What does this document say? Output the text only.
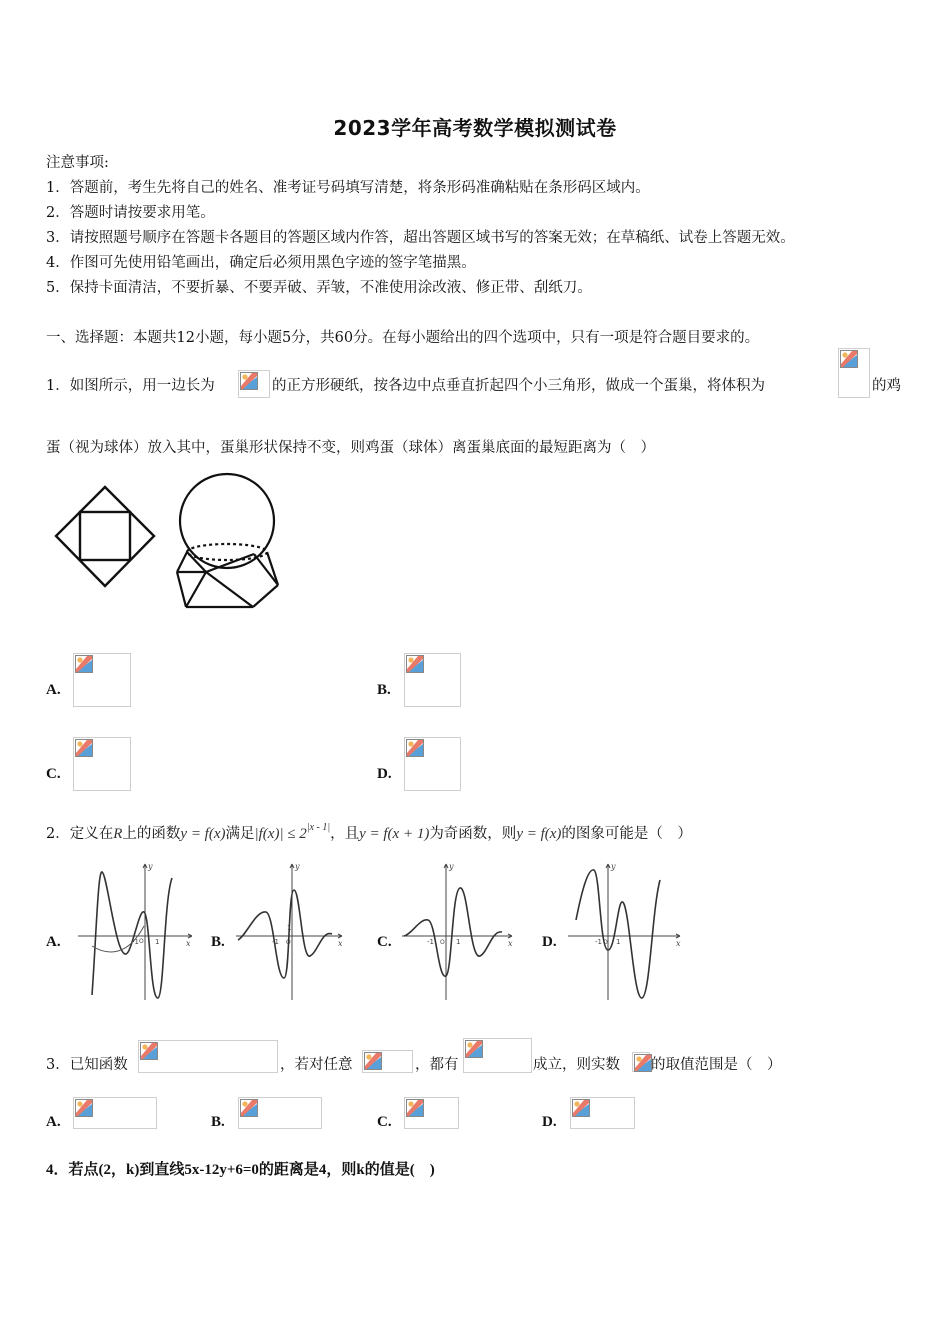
2023学年高考数学模拟测试卷
注意事项:
1．答题前，考生先将自己的姓名、准考证号码填写清楚，将条形码准确粘贴在条形码区域内。
2．答题时请按要求用笔。
3．请按照题号顺序在答题卡各题目的答题区域内作答，超出答题区域书写的答案无效；在草稿纸、试卷上答题无效。
4．作图可先使用铅笔画出，确定后必须用黑色字迹的签字笔描黑。
5．保持卡面清洁，不要折暴、不要弄破、弄皱，不准使用涂改液、修正带、刮纸刀。
一、选择题：本题共12小题，每小题5分，共60分。在每小题给出的四个选项中，只有一项是符合题目要求的。
1．如图所示，用一边长为	的正方形硬纸，按各边中点垂直折起四个小三角形，做成一个蛋巢，将体积为	的鸡
蛋（视为球体）放入其中，蛋巢形状保持不变，则鸡蛋（球体）离蛋巢底面的最短距离为（　）
A.	B.
C.	D.
2．定义在 R 上的函数 y = f(x) 满足 |f(x)| ≤ 2 |x - 1| ，且 y = f(x + 1) 为奇函数，则 y = f(x) 的图象可能是（　）
A.	B.	C.	D.
y
x
-1 1
O
y
x
-1
1
O
y
x
-1	1
O
y
x
-1 1
O
3．已知函数	，若对任意	，都有	成立，则实数 的取值范围是（　）
A.	B.	C.	D.
4．若点(2，k)到直线5x-12y+6=0的距离是4，则k的值是(　)
